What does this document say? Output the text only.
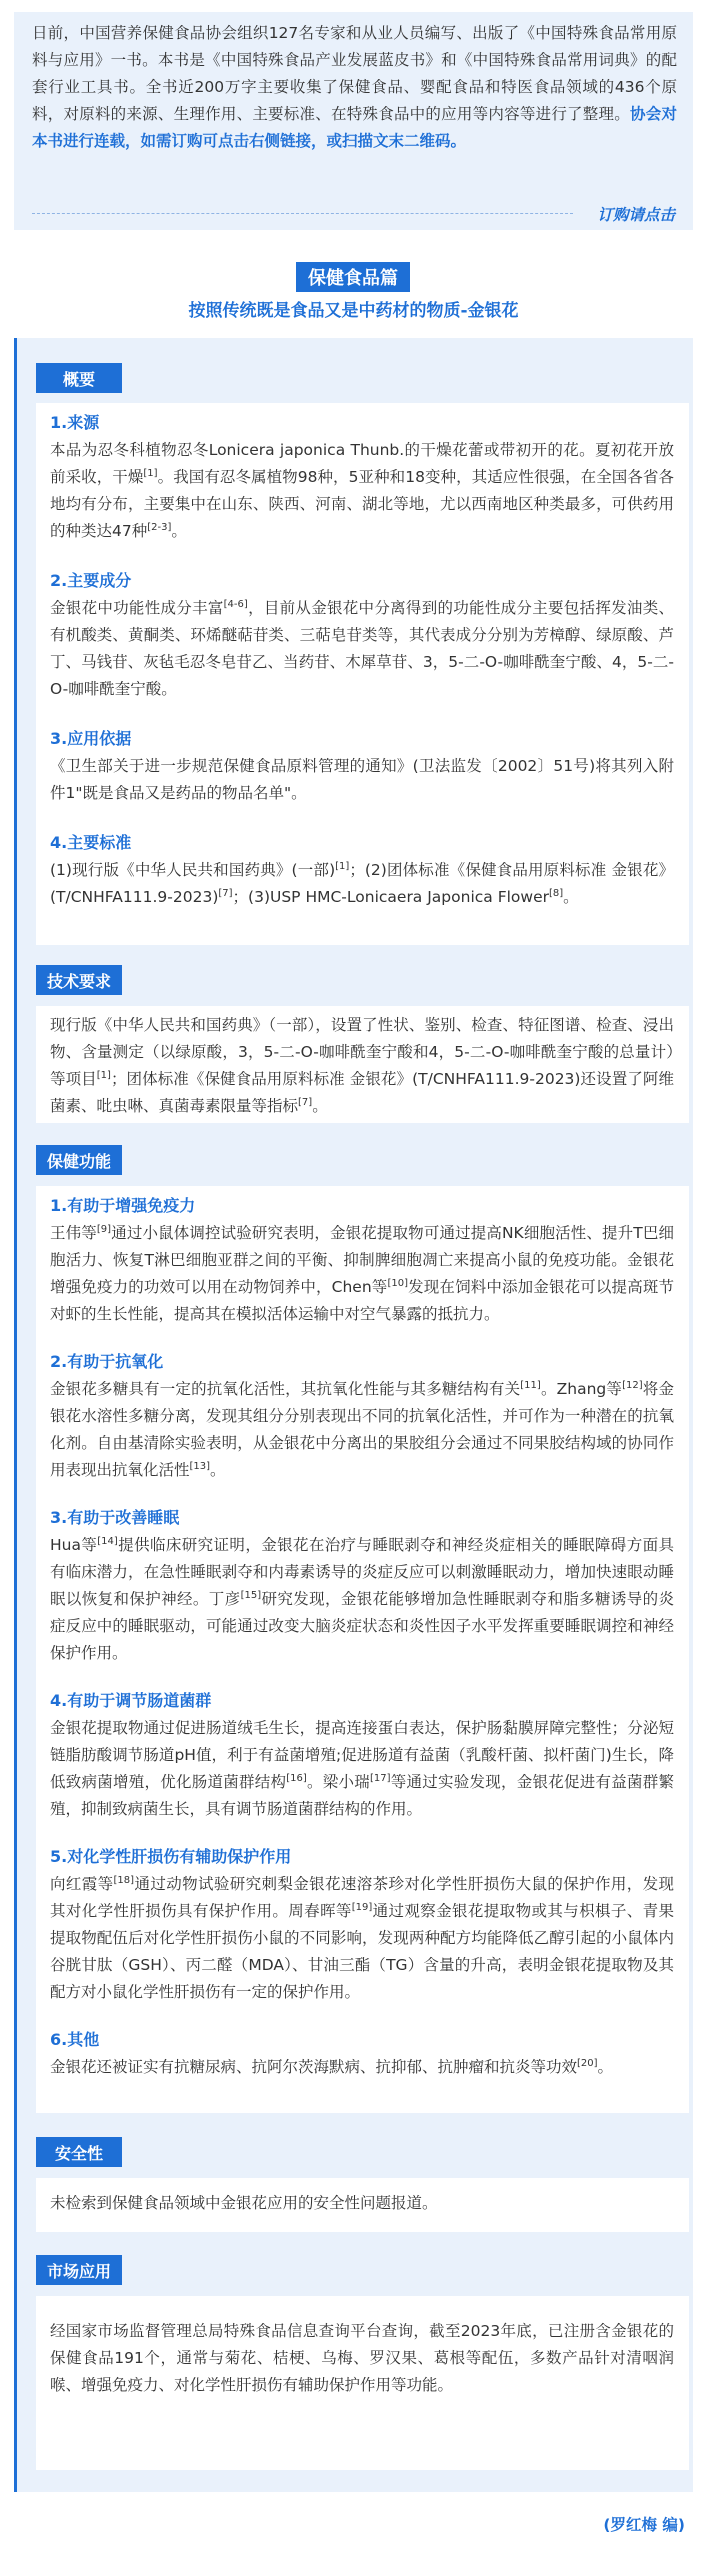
日前，中国营养保健食品协会组织127名专家和从业人员编写、出版了《中国特殊食品常用原料与应用》一书。本书是《中国特殊食品产业发展蓝皮书》和《中国特殊食品常用词典》的配套行业工具书。全书近200万字主要收集了保健食品、婴配食品和特医食品领域的436个原料，对原料的来源、生理作用、主要标准、在特殊食品中的应用等内容等进行了整理。协会对本书进行连载，如需订购可点击右侧链接，或扫描文末二维码。

订购请点击
保健食品篇
按照传统既是食品又是中药材的物质-金银花
概要

1.来源

本品为忍冬科植物忍冬Lonicera japonica Thunb.的干燥花蕾或带初开的花。夏初花开放前采收，干燥[1]。我国有忍冬属植物98种，5亚种和18变种，其适应性很强，在全国各省各地均有分布，主要集中在山东、陕西、河南、湖北等地，尤以西南地区种类最多，可供药用的种类达47种[2-3]。

2.主要成分

金银花中功能性成分丰富[4-6]，目前从金银花中分离得到的功能性成分主要包括挥发油类、有机酸类、黄酮类、环烯醚萜苷类、三萜皂苷类等，其代表成分分别为芳樟醇、绿原酸、芦丁、马钱苷、灰毡毛忍冬皂苷乙、当药苷、木犀草苷、3，5-二-O-咖啡酰奎宁酸、4，5-二-O-咖啡酰奎宁酸。

3.应用依据

《卫生部关于进一步规范保健食品原料管理的通知》(卫法监发〔2002〕51号)将其列入附件1"既是食品又是药品的物品名单"。

4.主要标准

(1)现行版《中华人民共和国药典》(一部)[1]；(2)团体标准《保健食品用原料标准 金银花》(T/CNHFA111.9-2023)[7]；(3)USP HMC-Lonicaera Japonica Flower[8]。

技术要求

现行版《中华人民共和国药典》（一部），设置了性状、鉴别、检查、特征图谱、检查、浸出物、含量测定（以绿原酸，3，5-二-O-咖啡酰奎宁酸和4，5-二-O-咖啡酰奎宁酸的总量计）等项目[1]；团体标准《保健食品用原料标准 金银花》(T/CNHFA111.9-2023)还设置了阿维菌素、吡虫啉、真菌毒素限量等指标[7]。

保健功能

1.有助于增强免疫力

王伟等[9]通过小鼠体调控试验研究表明，金银花提取物可通过提高NK细胞活性、提升T巴细胞活力、恢复T淋巴细胞亚群之间的平衡、抑制脾细胞凋亡来提高小鼠的免疫功能。金银花增强免疫力的功效可以用在动物饲养中，Chen等[10]发现在饲料中添加金银花可以提高斑节对虾的生长性能，提高其在模拟活体运输中对空气暴露的抵抗力。

2.有助于抗氧化

金银花多糖具有一定的抗氧化活性，其抗氧化性能与其多糖结构有关[11]。Zhang等[12]将金银花水溶性多糖分离，发现其组分分别表现出不同的抗氧化活性，并可作为一种潜在的抗氧化剂。自由基清除实验表明，从金银花中分离出的果胶组分会通过不同果胶结构域的协同作用表现出抗氧化活性[13]。

3.有助于改善睡眠

Hua等[14]提供临床研究证明，金银花在治疗与睡眠剥夺和神经炎症相关的睡眠障碍方面具有临床潜力，在急性睡眠剥夺和内毒素诱导的炎症反应可以刺激睡眠动力，增加快速眼动睡眠以恢复和保护神经。丁彦[15]研究发现，金银花能够增加急性睡眠剥夺和脂多糖诱导的炎症反应中的睡眠驱动，可能通过改变大脑炎症状态和炎性因子水平发挥重要睡眠调控和神经保护作用。

4.有助于调节肠道菌群

金银花提取物通过促进肠道绒毛生长，提高连接蛋白表达，保护肠黏膜屏障完整性；分泌短链脂肪酸调节肠道pH值，利于有益菌增殖;促进肠道有益菌（乳酸杆菌、拟杆菌门)生长，降低致病菌增殖，优化肠道菌群结构[16]。梁小瑞[17]等通过实验发现，金银花促进有益菌群繁殖，抑制致病菌生长，具有调节肠道菌群结构的作用。

5.对化学性肝损伤有辅助保护作用

向红霞等[18]通过动物试验研究刺梨金银花速溶茶珍对化学性肝损伤大鼠的保护作用，发现其对化学性肝损伤具有保护作用。周春晖等[19]通过观察金银花提取物或其与枳椇子、青果提取物配伍后对化学性肝损伤小鼠的不同影响，发现两种配方均能降低乙醇引起的小鼠体内谷胱甘肽（GSH）、丙二醛（MDA）、甘油三酯（TG）含量的升高，表明金银花提取物及其配方对小鼠化学性肝损伤有一定的保护作用。

6.其他

金银花还被证实有抗糖尿病、抗阿尔茨海默病、抗抑郁、抗肿瘤和抗炎等功效[20]。

安全性

未检索到保健食品领域中金银花应用的安全性问题报道。

市场应用

经国家市场监督管理总局特殊食品信息查询平台查询，截至2023年底，已注册含金银花的保健食品191个，通常与菊花、桔梗、乌梅、罗汉果、葛根等配伍，多数产品针对清咽润喉、增强免疫力、对化学性肝损伤有辅助保护作用等功能。

(罗红梅 编)
